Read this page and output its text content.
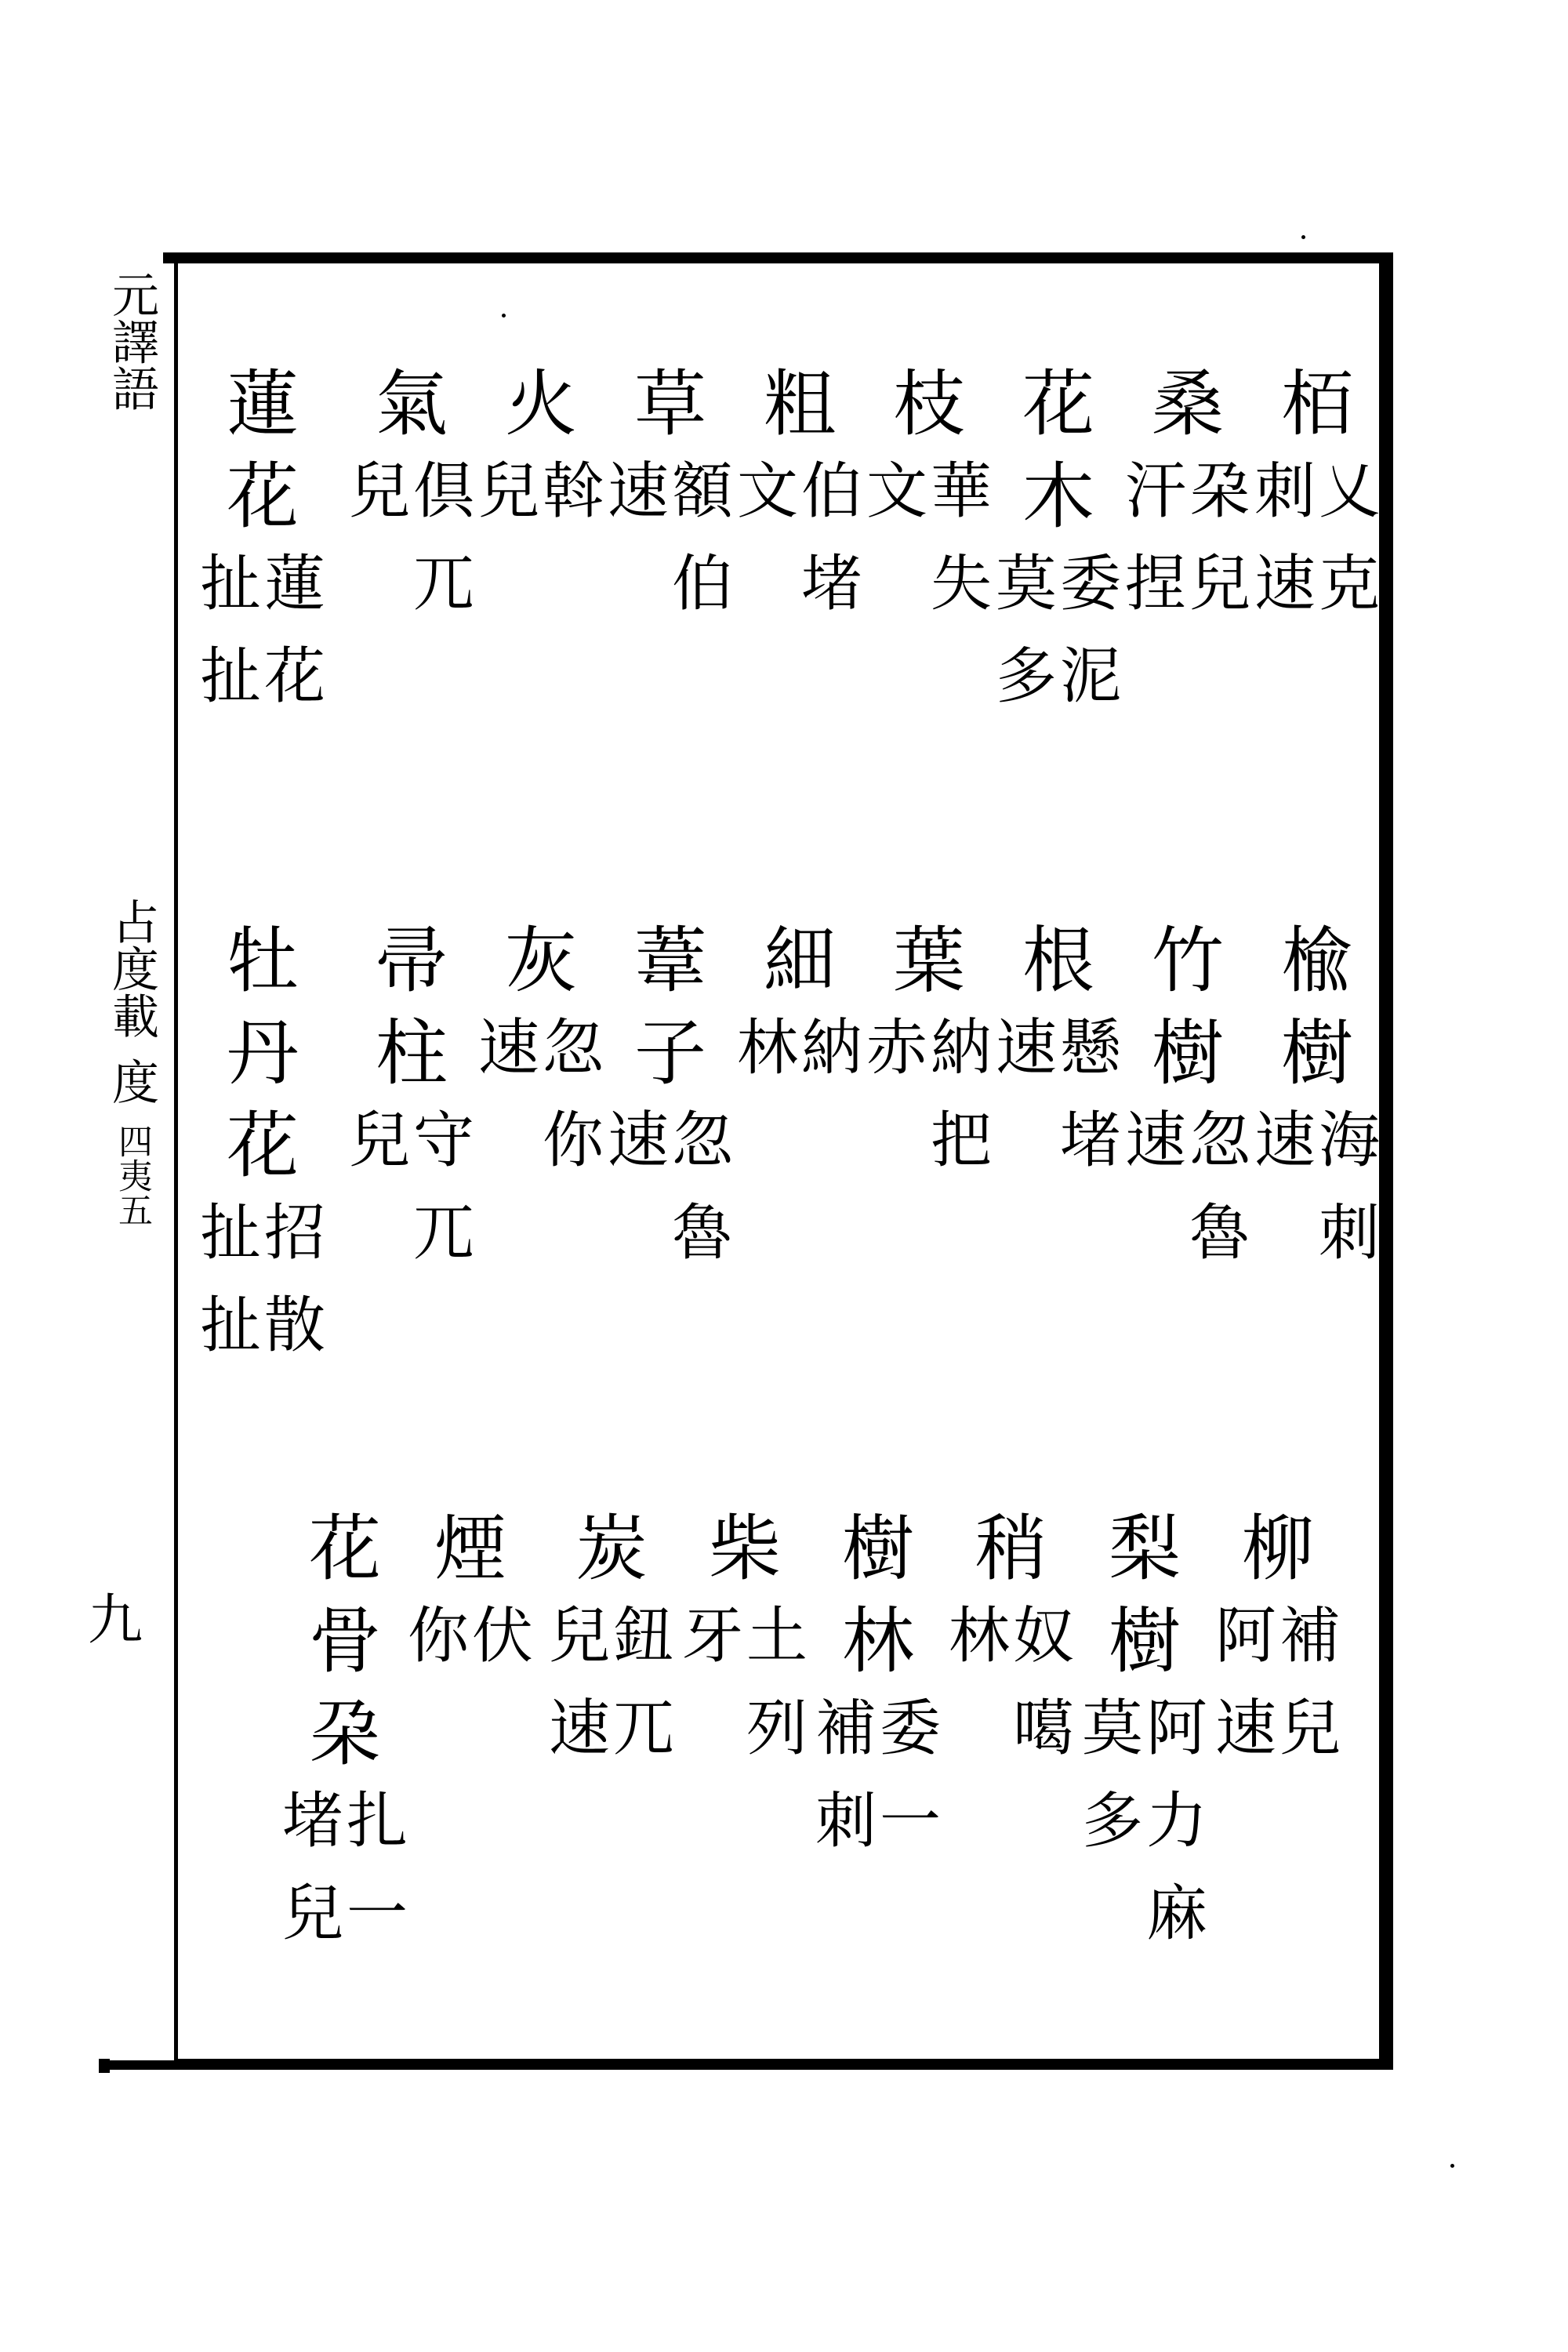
元譯語
占度載
度
四夷五
九
栢
乂
克
刺
速
桑
朶
兒
汗
捏
花
木
委
泥
莫
多
枝
華
失
文
粗
伯
堵
文
草
額
伯
速
火
斡
兒
氣
倶
兀
兒
蓮
花
蓮
花
扯
扯
楡
樹
海
刺
速
竹
樹
忽
魯
速
根
懸
堵
速
葉
納
把
赤
細
納
林
葦
子
忽
魯
速
灰
忽
你
速
帚
柱
守
兀
兒
牡
丹
花
招
散
扯
扯
柳
補
兒
阿
速
梨
樹
阿
力
麻
莫
多
稍
奴
噶
林
樹
林
委
一
補
刺
柴
土
列
牙
炭
鈕
兀
兒
速
煙
伏
你
花
骨
朶
扎
一
堵
兒
